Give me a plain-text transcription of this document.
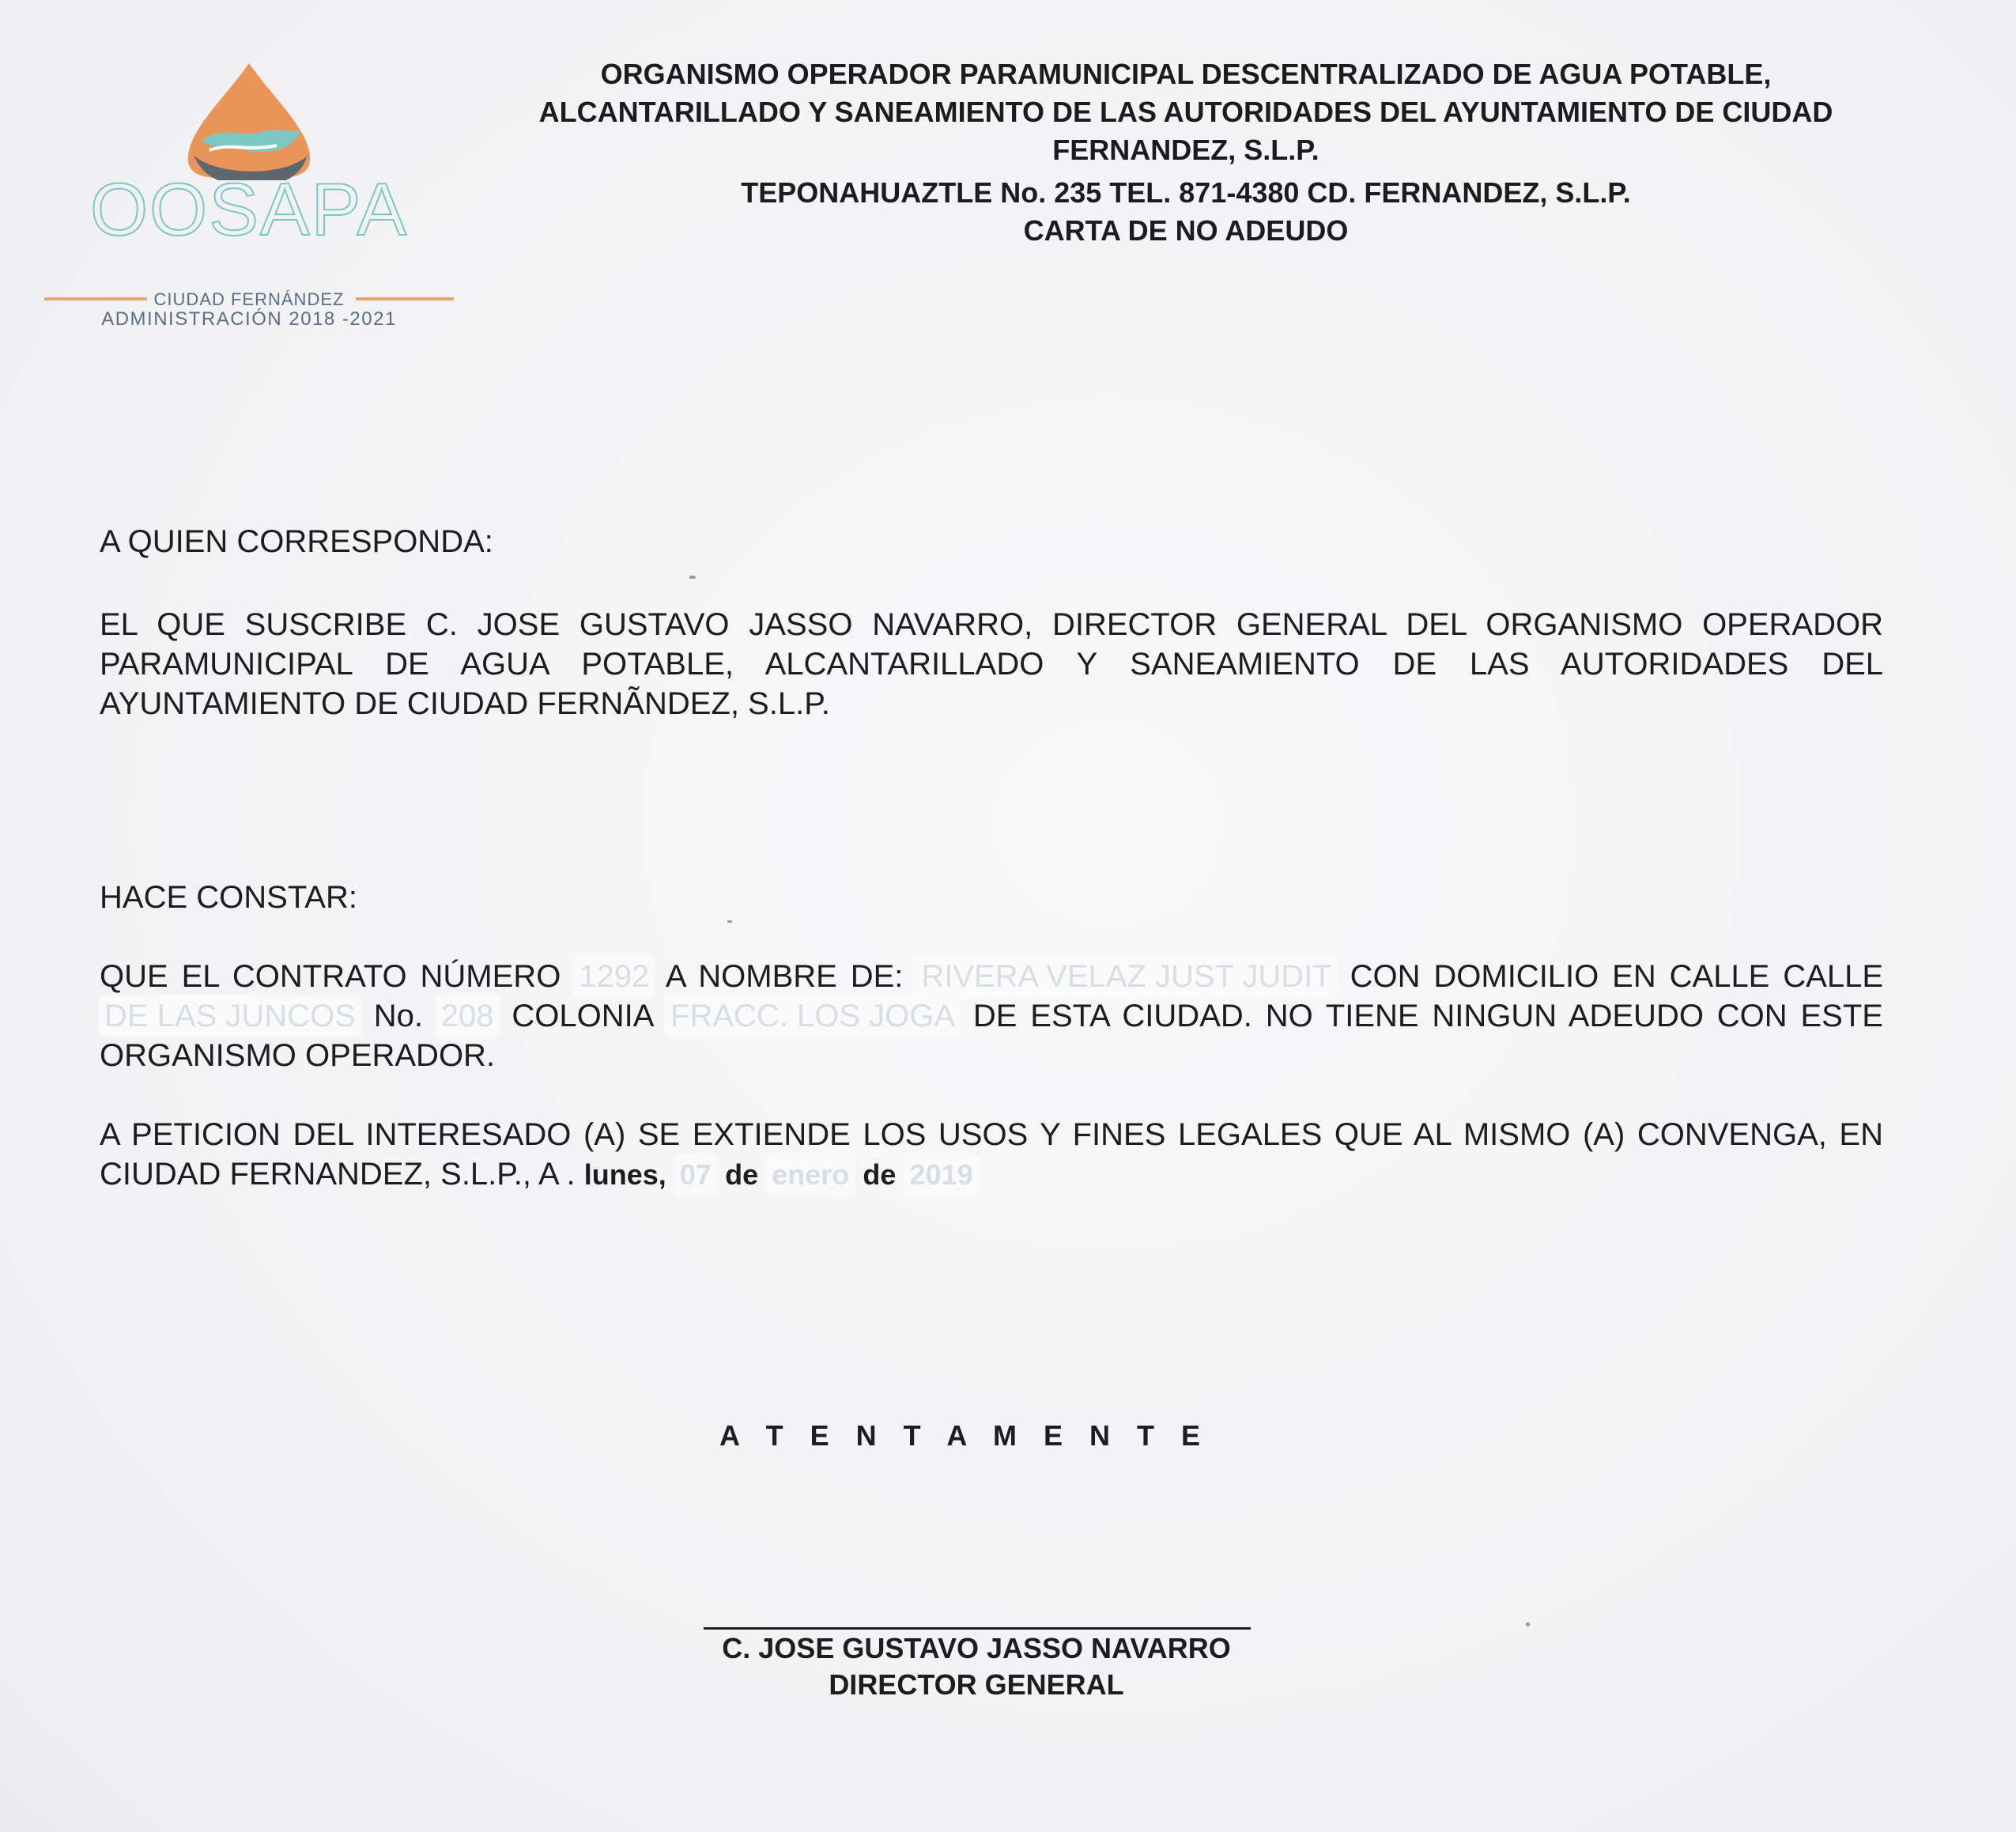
OOSAPA
CIUDAD FERNÁNDEZ
ADMINISTRACIÓN 2018 -2021
ORGANISMO OPERADOR PARAMUNICIPAL DESCENTRALIZADO DE AGUA POTABLE,
ALCANTARILLADO Y SANEAMIENTO DE LAS AUTORIDADES DEL AYUNTAMIENTO DE CIUDAD
FERNANDEZ, S.L.P.
TEPONAHUAZTLE No. 235 TEL. 871-4380 CD. FERNANDEZ, S.L.P.
CARTA DE NO ADEUDO
A QUIEN CORRESPONDA:
EL QUE SUSCRIBE C. JOSE GUSTAVO JASSO NAVARRO, DIRECTOR GENERAL DEL ORGANISMO OPERADOR PARAMUNICIPAL DE AGUA POTABLE, ALCANTARILLADO Y SANEAMIENTO DE LAS AUTORIDADES DEL AYUNTAMIENTO DE CIUDAD FERNÃNDEZ, S.L.P.
HACE CONSTAR:
QUE EL CONTRATO NÚMERO 1292 A NOMBRE DE: RIVERA VELAZ JUST JUDIT CON DOMICILIO EN CALLE CALLE DE LAS JUNCOS No. 208 COLONIA FRACC. LOS JOGA DE ESTA CIUDAD. NO TIENE NINGUN ADEUDO CON ESTE ORGANISMO OPERADOR.
A PETICION DEL INTERESADO (A) SE EXTIENDE LOS USOS Y FINES LEGALES QUE AL MISMO (A) CONVENGA, EN CIUDAD FERNANDEZ, S.L.P., A . lunes, 07 de enero de 2019
A T E N T A M E N T E
C. JOSE GUSTAVO JASSO NAVARRO
DIRECTOR GENERAL
